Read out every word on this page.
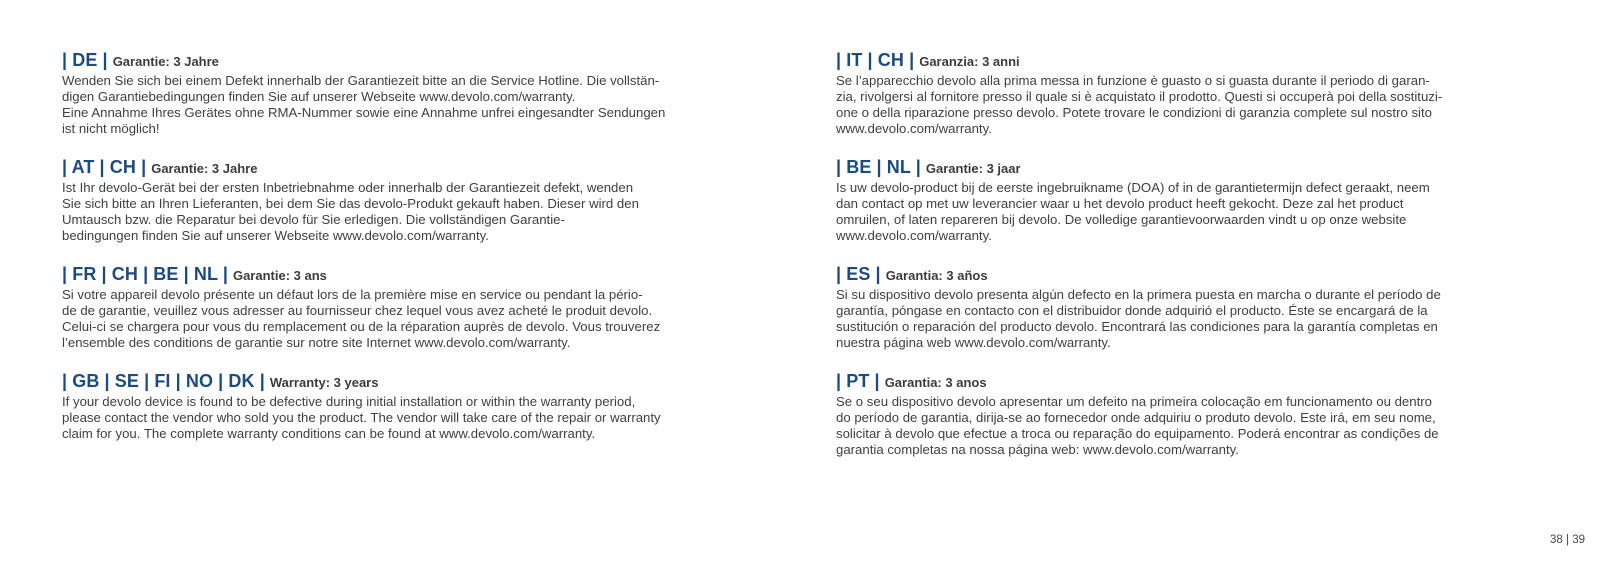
| DE | Garantie: 3 Jahre

Wenden Sie sich bei einem Defekt innerhalb der Garantiezeit bitte an die Service Hotline. Die vollstän-
digen Garantiebedingungen finden Sie auf unserer Webseite www.devolo.com/warranty.
Eine Annahme Ihres Gerätes ohne RMA-Nummer sowie eine Annahme unfrei eingesandter Sendungen
ist nicht möglich!

| AT | CH | Garantie: 3 Jahre

Ist Ihr devolo-Gerät bei der ersten Inbetriebnahme oder innerhalb der Garantiezeit defekt, wenden
Sie sich bitte an Ihren Lieferanten, bei dem Sie das devolo-Produkt gekauft haben. Dieser wird den
Umtausch bzw. die Reparatur bei devolo für Sie erledigen. Die vollständigen Garantie-
bedingungen finden Sie auf unserer Webseite www.devolo.com/warranty.

| FR | CH | BE | NL | Garantie: 3 ans

Si votre appareil devolo présente un défaut lors de la première mise en service ou pendant la pério-
de de garantie, veuillez vous adresser au fournisseur chez lequel vous avez acheté le produit devolo.
Celui-ci se chargera pour vous du remplacement ou de la réparation auprès de devolo. Vous trouverez
l’ensemble des conditions de garantie sur notre site Internet www.devolo.com/warranty.

| GB | SE | FI | NO | DK | Warranty: 3 years

If your devolo device is found to be defective during initial installation or within the warranty period,
please contact the vendor who sold you the product. The vendor will take care of the repair or warranty
claim for you. The complete warranty conditions can be found at www.devolo.com/warranty.

| IT | CH | Garanzia: 3 anni

Se l’apparecchio devolo alla prima messa in funzione è guasto o si guasta durante il periodo di garan-
zia, rivolgersi al fornitore presso il quale si è acquistato il prodotto. Questi si occuperà poi della sostituzi-
one o della riparazione presso devolo. Potete trovare le condizioni di garanzia complete sul nostro sito
www.devolo.com/warranty.

| BE | NL | Garantie: 3 jaar

Is uw devolo-product bij de eerste ingebruikname (DOA) of in de garantietermijn defect geraakt, neem
dan contact op met uw leverancier waar u het devolo product heeft gekocht. Deze zal het product
omruilen, of laten repareren bij devolo. De volledige garantievoorwaarden vindt u op onze website
www.devolo.com/warranty.

| ES | Garantia: 3 años

Si su dispositivo devolo presenta algún defecto en la primera puesta en marcha o durante el período de
garantía, póngase en contacto con el distribuidor donde adquirió el producto. Éste se encargará de la
sustitución o reparación del producto devolo. Encontrará las condiciones para la garantía completas en
nuestra página web www.devolo.com/warranty.

| PT | Garantia: 3 anos

Se o seu dispositivo devolo apresentar um defeito na primeira colocação em funcionamento ou dentro
do período de garantia, dirija-se ao fornecedor onde adquiriu o produto devolo. Este irá, em seu nome,
solicitar à devolo que efectue a troca ou reparação do equipamento. Poderá encontrar as condições de
garantia completas na nossa página web: www.devolo.com/warranty.

38 | 39
